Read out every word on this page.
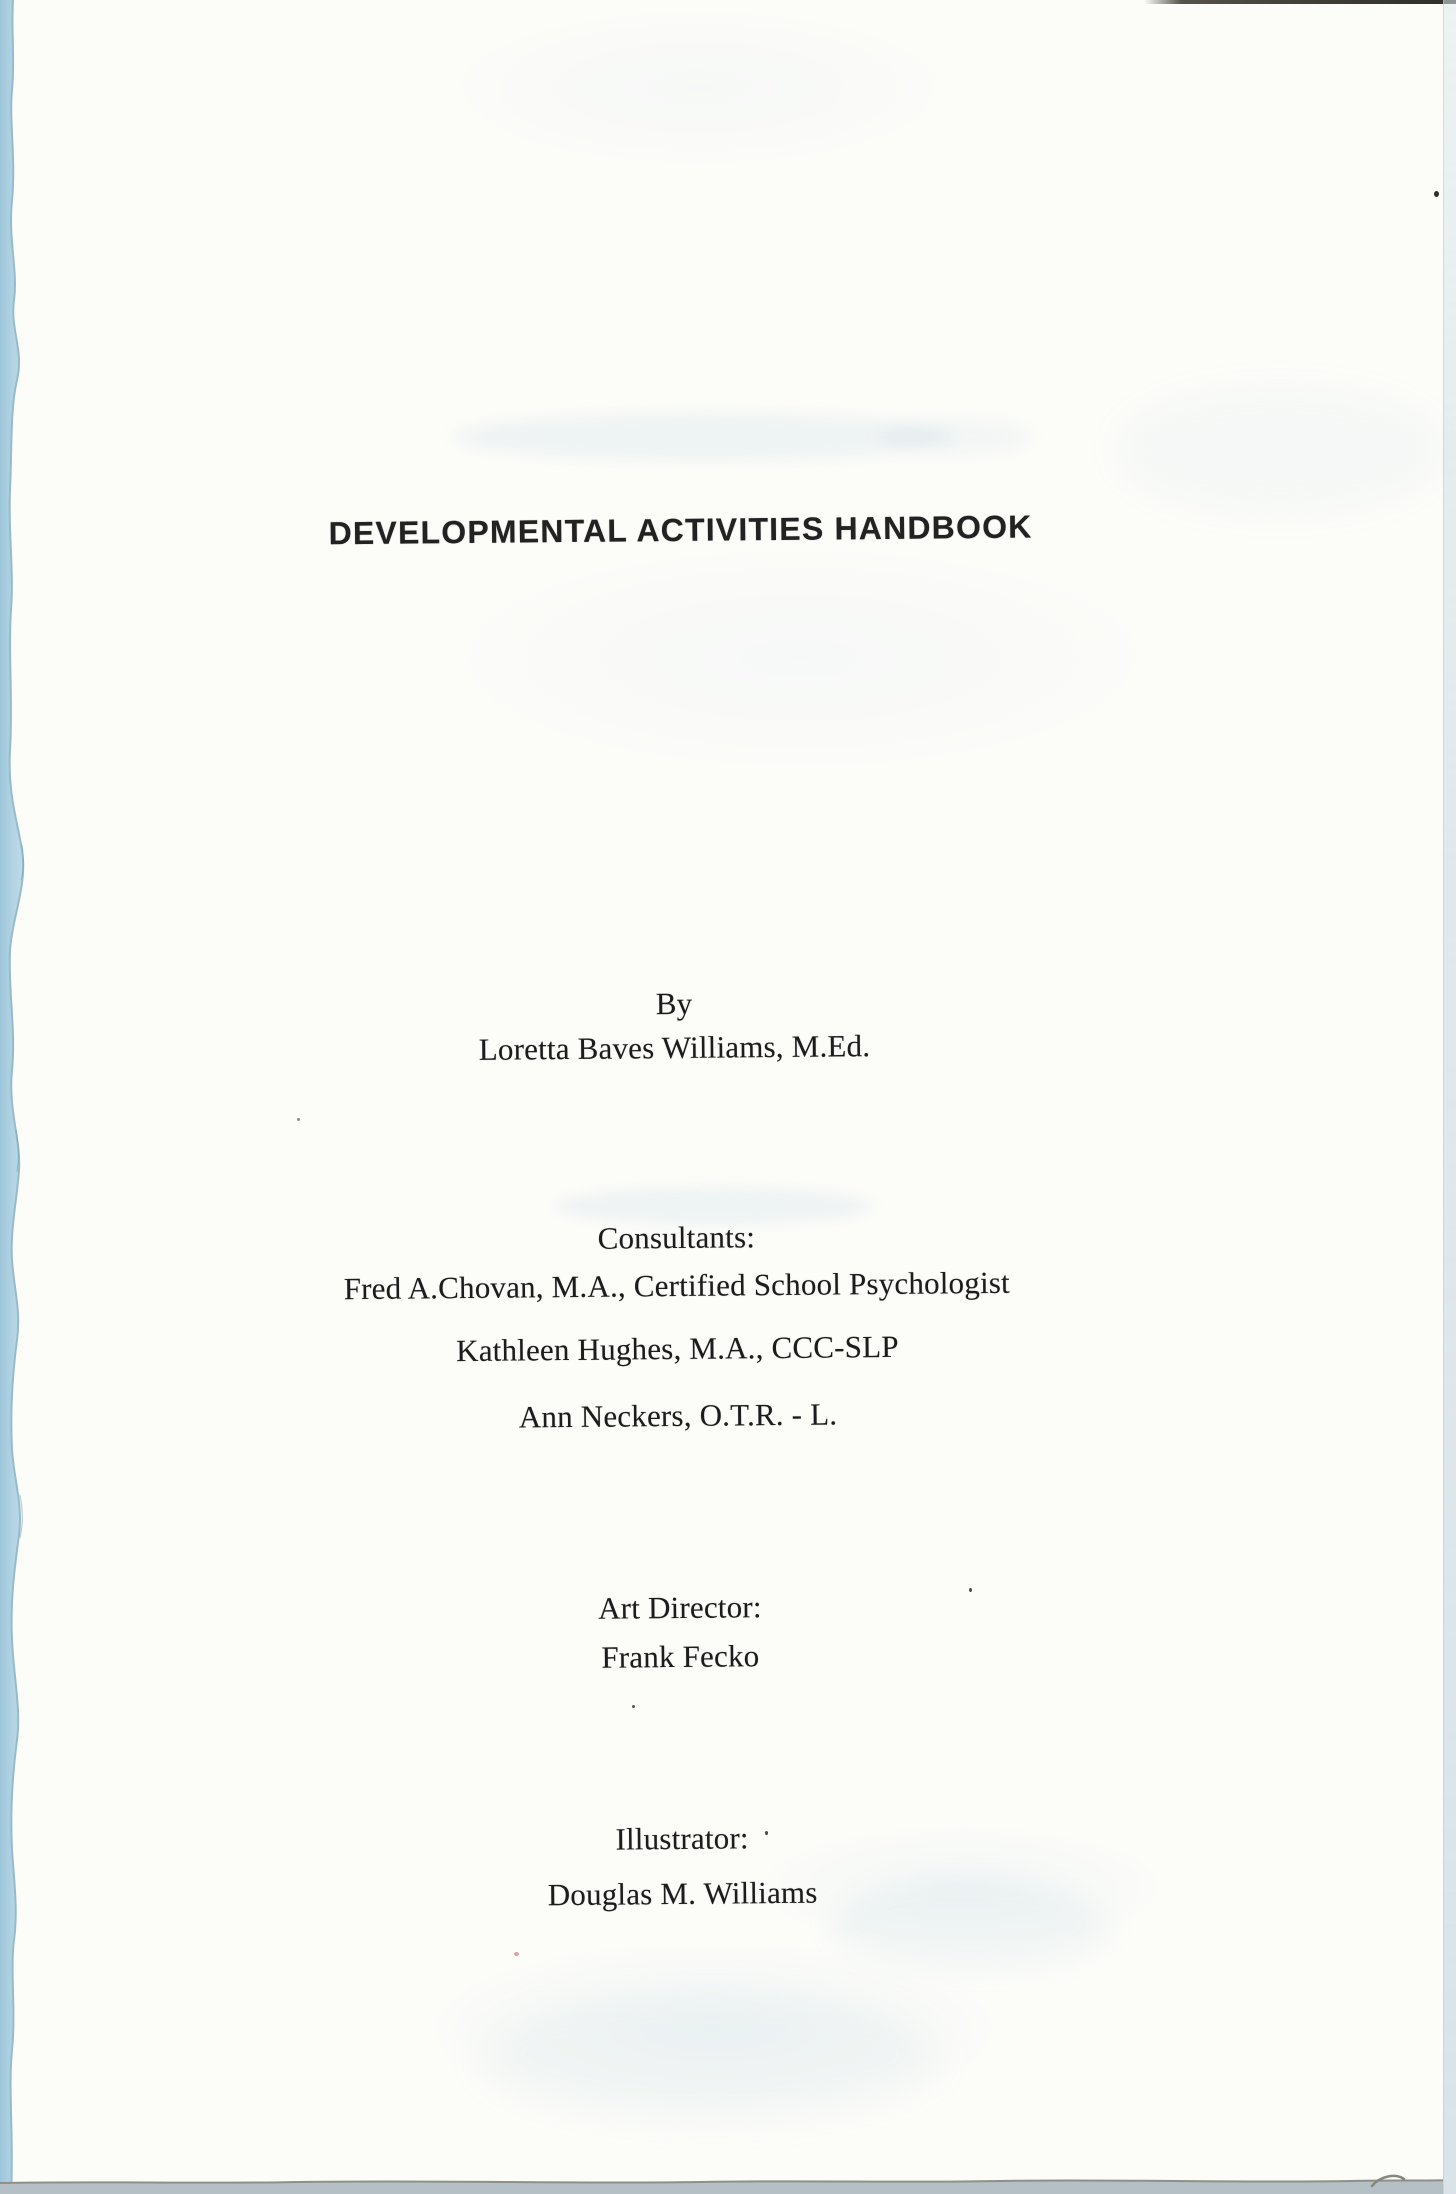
DEVELOPMENTAL ACTIVITIES HANDBOOK
By
Loretta Baves Williams, M.Ed.
Consultants:
Fred A.Chovan, M.A., Certified School Psychologist
Kathleen Hughes, M.A., CCC-SLP
Ann Neckers, O.T.R. - L.
Art Director:
Frank Fecko
Illustrator:
Douglas M. Williams
